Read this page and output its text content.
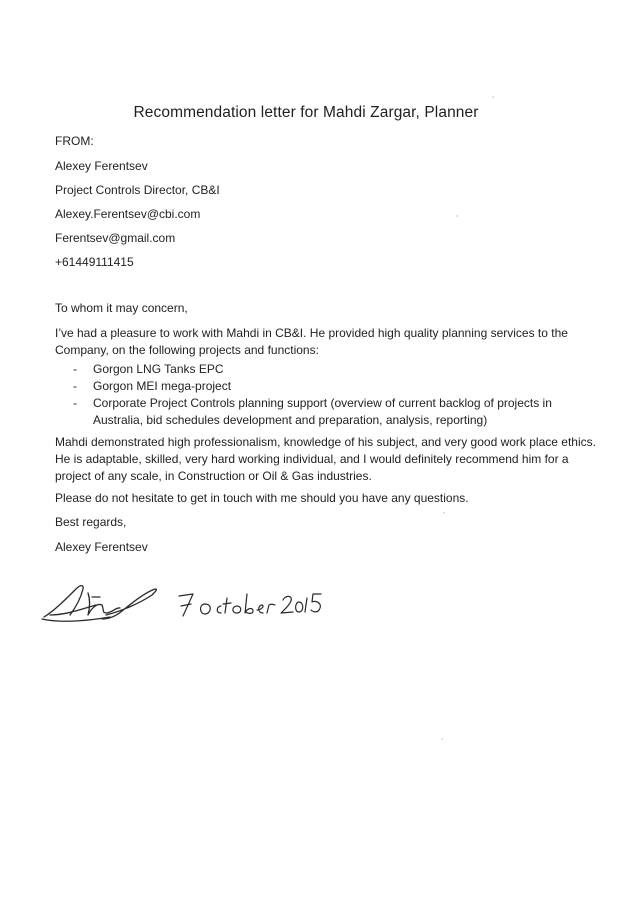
Recommendation letter for Mahdi Zargar, Planner
FROM:
Alexey Ferentsev
Project Controls Director, CB&I
Alexey.Ferentsev@cbi.com
Ferentsev@gmail.com
+61449111415
To whom it may concern,
I’ve had a pleasure to work with Mahdi in CB&I. He provided high quality planning services to the
Company, on the following projects and functions:
- Gorgon LNG Tanks EPC
- Gorgon MEI mega-project
- Corporate Project Controls planning support (overview of current backlog of projects in
Australia, bid schedules development and preparation, analysis, reporting)
Mahdi demonstrated high professionalism, knowledge of his subject, and very good work place ethics.
He is adaptable, skilled, very hard working individual, and I would definitely recommend him for a
project of any scale, in Construction or Oil & Gas industries.
Please do not hesitate to get in touch with me should you have any questions.
Best regards,
Alexey Ferentsev
